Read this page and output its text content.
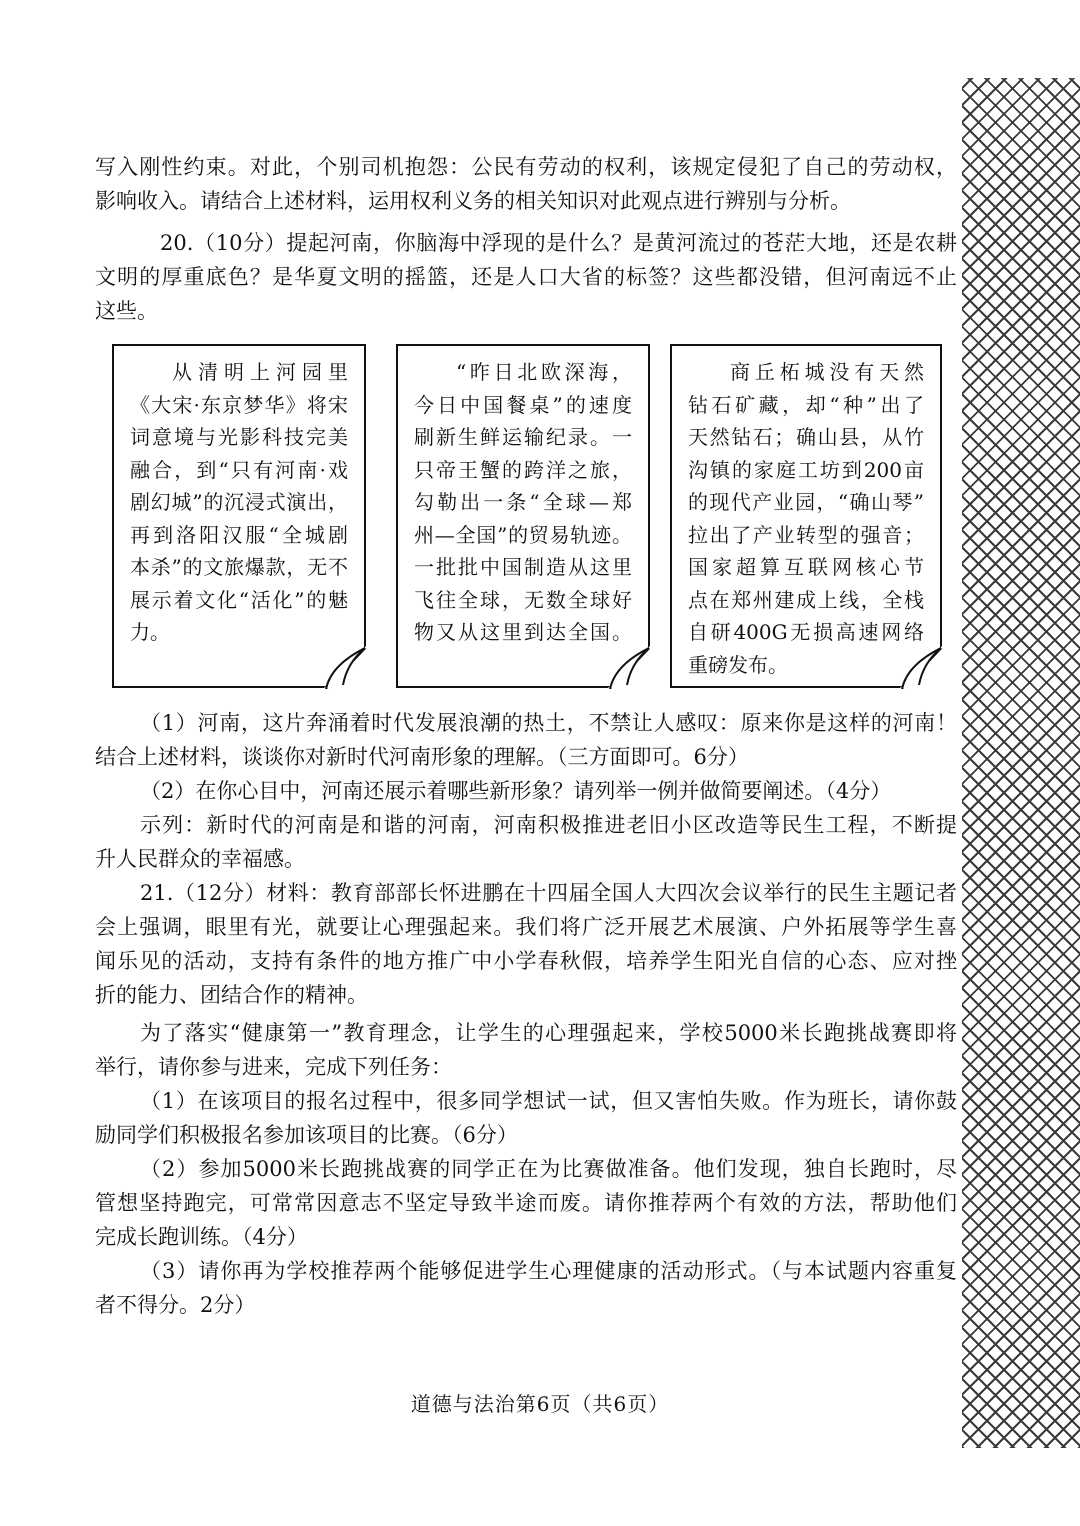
写入刚性约束。对此，个别司机抱怨：公民有劳动的权利，该规定侵犯了自己的劳动权，
影响收入。请结合上述材料，运用权利义务的相关知识对此观点进行辨别与分析。
20.（10分）提起河南，你脑海中浮现的是什么？是黄河流过的苍茫大地，还是农耕
文明的厚重底色？是华夏文明的摇篮，还是人口大省的标签？这些都没错，但河南远不止
这些。
从清明上河园里
《大宋·东京梦华》将宋
词意境与光影科技完美
融合，到“只有河南·戏
剧幻城”的沉浸式演出，
再到洛阳汉服“全城剧
本杀”的文旅爆款，无不
展示着文化“活化”的魅
力。
“昨日北欧深海，
今日中国餐桌”的速度
刷新生鲜运输纪录。一
只帝王蟹的跨洋之旅，
勾勒出一条“全球—郑
州—全国”的贸易轨迹。
一批批中国制造从这里
飞往全球，无数全球好
物又从这里到达全国。
商丘柘城没有天然
钻石矿藏，却“种”出了
天然钻石；确山县，从竹
沟镇的家庭工坊到200亩
的现代产业园，“确山琴”
拉出了产业转型的强音；
国家超算互联网核心节
点在郑州建成上线，全栈
自研400G无损高速网络
重磅发布。
（1）河南，这片奔涌着时代发展浪潮的热土，不禁让人感叹：原来你是这样的河南！
结合上述材料，谈谈你对新时代河南形象的理解。（三方面即可。6分）
（2）在你心目中，河南还展示着哪些新形象？请列举一例并做简要阐述。（4分）
示列：新时代的河南是和谐的河南，河南积极推进老旧小区改造等民生工程，不断提
升人民群众的幸福感。
21.（12分）材料：教育部部长怀进鹏在十四届全国人大四次会议举行的民生主题记者
会上强调，眼里有光，就要让心理强起来。我们将广泛开展艺术展演、户外拓展等学生喜
闻乐见的活动，支持有条件的地方推广中小学春秋假，培养学生阳光自信的心态、应对挫
折的能力、团结合作的精神。
为了落实“健康第一”教育理念，让学生的心理强起来，学校5000米长跑挑战赛即将
举行，请你参与进来，完成下列任务：
（1）在该项目的报名过程中，很多同学想试一试，但又害怕失败。作为班长，请你鼓
励同学们积极报名参加该项目的比赛。（6分）
（2）参加5000米长跑挑战赛的同学正在为比赛做准备。他们发现，独自长跑时，尽
管想坚持跑完，可常常因意志不坚定导致半途而废。请你推荐两个有效的方法，帮助他们
完成长跑训练。（4分）
（3）请你再为学校推荐两个能够促进学生心理健康的活动形式。（与本试题内容重复
者不得分。2分）
道德与法治第6页（共6页）
